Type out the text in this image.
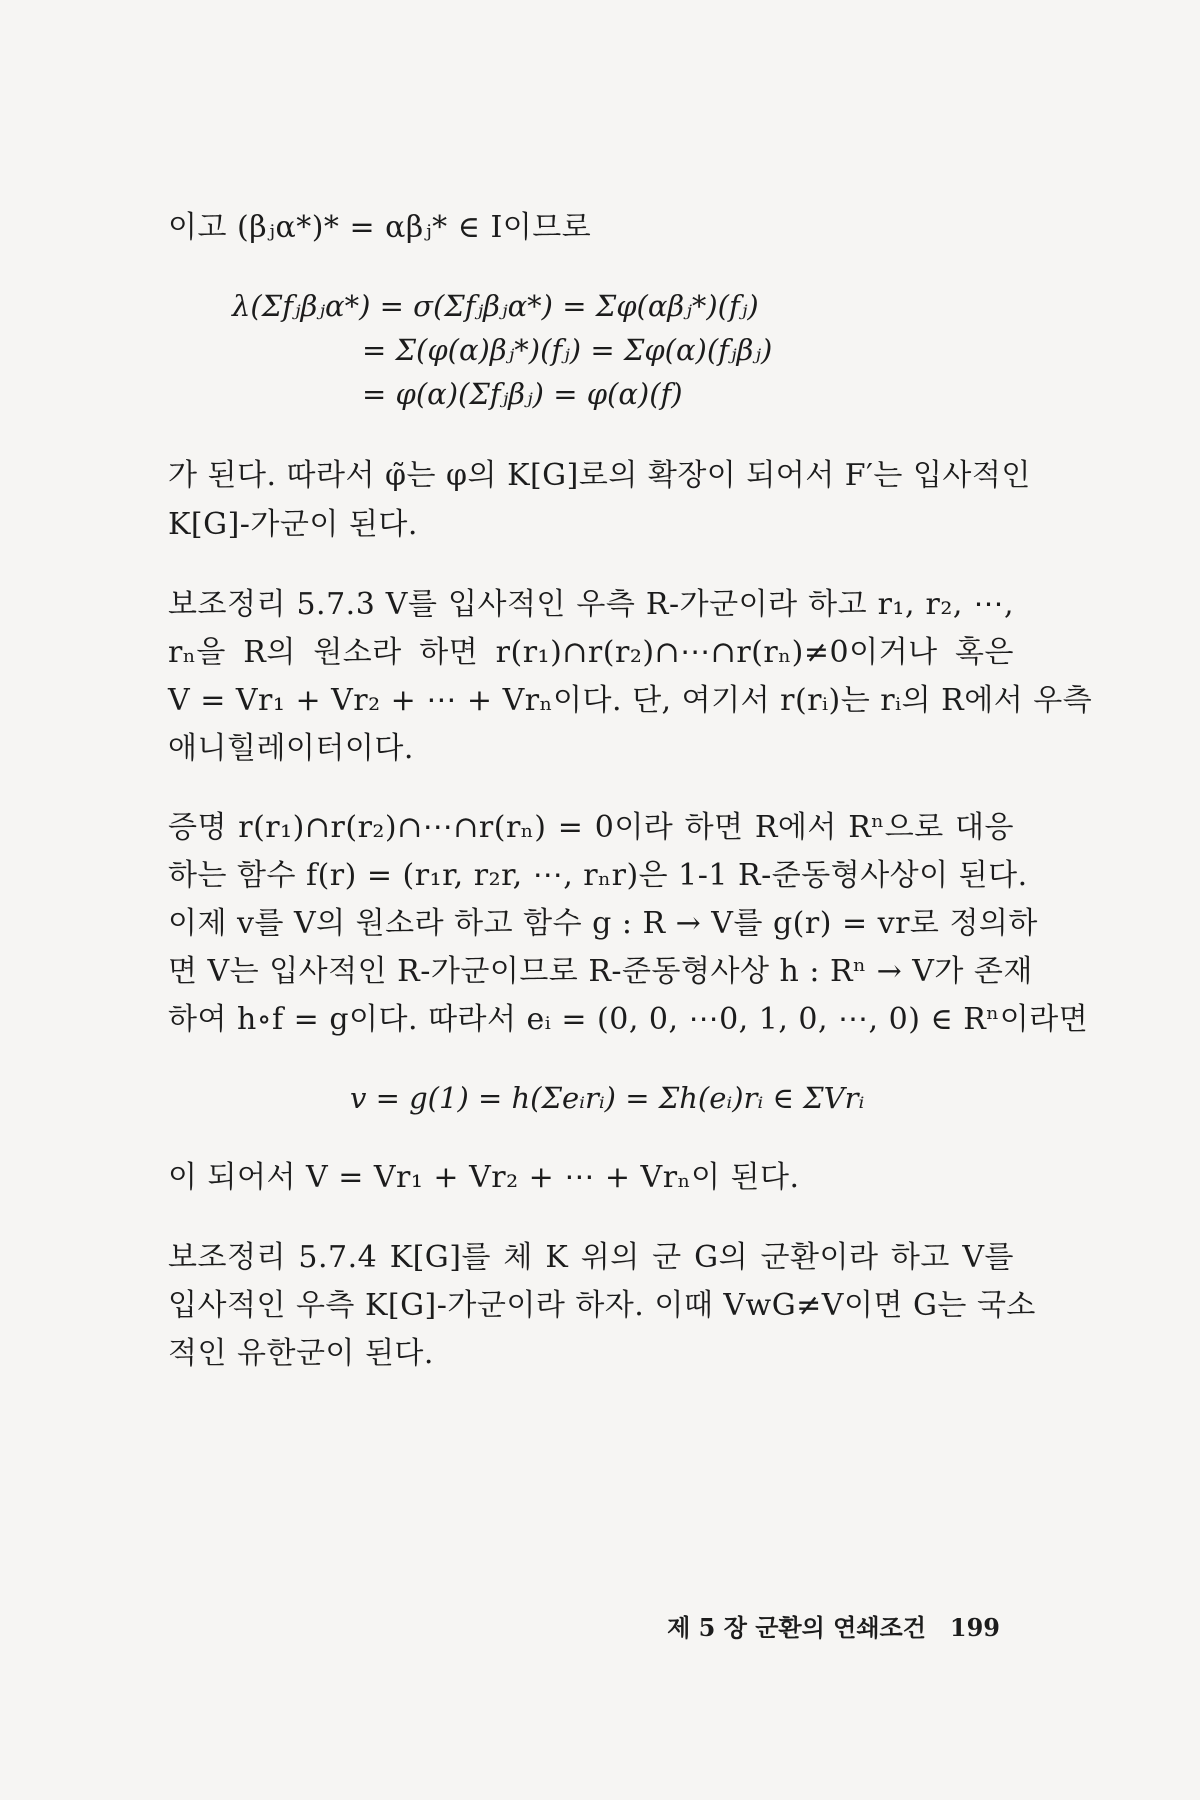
이고 (βⱼα*)* = αβⱼ* ∈ I이므로
λ(Σfⱼβⱼα*) = σ(Σfⱼβⱼα*) = Σφ(αβⱼ*)(fⱼ)
= Σ(φ(α)βⱼ*)(fⱼ) = Σφ(α)(fⱼβⱼ)
= φ(α)(Σfⱼβⱼ) = φ(α)(f)
가 된다. 따라서 φ̃는 φ의 K[G]로의 확장이 되어서 F′는 입사적인
K[G]-가군이 된다.
보조정리 5.7.3 V를 입사적인 우측 R-가군이라 하고 r₁, r₂, ⋯,
rₙ을 R의 원소라 하면 r(r₁)∩r(r₂)∩⋯∩r(rₙ)≠0이거나 혹은
V = Vr₁ + Vr₂ + ⋯ + Vrₙ이다. 단, 여기서 r(rᵢ)는 rᵢ의 R에서 우측
애니힐레이터이다.
증명 r(r₁)∩r(r₂)∩⋯∩r(rₙ) = 0이라 하면 R에서 Rⁿ으로 대응
하는 함수 f(r) = (r₁r, r₂r, ⋯, rₙr)은 1-1 R-준동형사상이 된다.
이제 v를 V의 원소라 하고 함수 g : R → V를 g(r) = vr로 정의하
면 V는 입사적인 R-가군이므로 R-준동형사상 h : Rⁿ → V가 존재
하여 h∘f = g이다. 따라서 eᵢ = (0, 0, ⋯0, 1, 0, ⋯, 0) ∈ Rⁿ이라면
v = g(1) = h(Σeᵢrᵢ) = Σh(eᵢ)rᵢ ∈ ΣVrᵢ
이 되어서 V = Vr₁ + Vr₂ + ⋯ + Vrₙ이 된다.
보조정리 5.7.4 K[G]를 체 K 위의 군 G의 군환이라 하고 V를
입사적인 우측 K[G]-가군이라 하자. 이때 VwG≠V이면 G는 국소
적인 유한군이 된다.
제 5 장 군환의 연쇄조건 199
